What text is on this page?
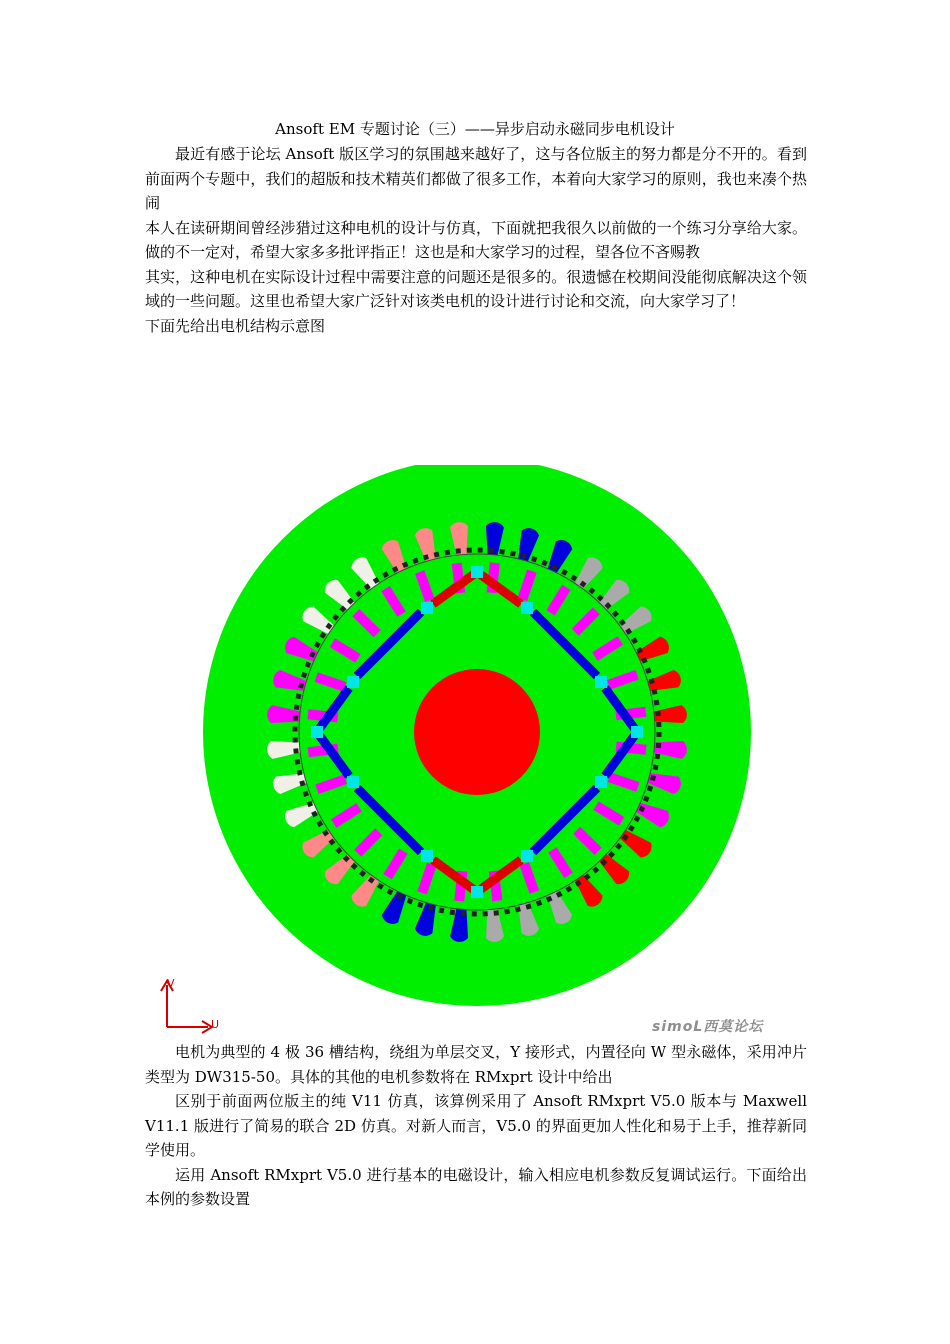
Ansoft EM 专题讨论（三）——异步启动永磁同步电机设计

最近有感于论坛 Ansoft 版区学习的氛围越来越好了，这与各位版主的努力都是分不开的。看到前面两个专题中，我们的超版和技术精英们都做了很多工作，本着向大家学习的原则，我也来凑个热闹

本人在读研期间曾经涉猎过这种电机的设计与仿真，下面就把我很久以前做的一个练习分享给大家。做的不一定对，希望大家多多批评指正！这也是和大家学习的过程，望各位不吝赐教

其实，这种电机在实际设计过程中需要注意的问题还是很多的。很遗憾在校期间没能彻底解决这个领域的一些问题。这里也希望大家广泛针对该类电机的设计进行讨论和交流，向大家学习了！

下面先给出电机结构示意图

V
U	simoL西莫论坛

电机为典型的 4 极 36 槽结构，绕组为单层交叉，Y 接形式，内置径向 W 型永磁体，采用冲片类型为 DW315-50。具体的其他的电机参数将在 RMxprt 设计中给出

区别于前面两位版主的纯 V11 仿真，该算例采用了 Ansoft RMxprt V5.0 版本与 Maxwell V11.1 版进行了简易的联合 2D 仿真。对新人而言，V5.0 的界面更加人性化和易于上手，推荐新同学使用。

运用 Ansoft RMxprt V5.0 进行基本的电磁设计，输入相应电机参数反复调试运行。下面给出本例的参数设置
